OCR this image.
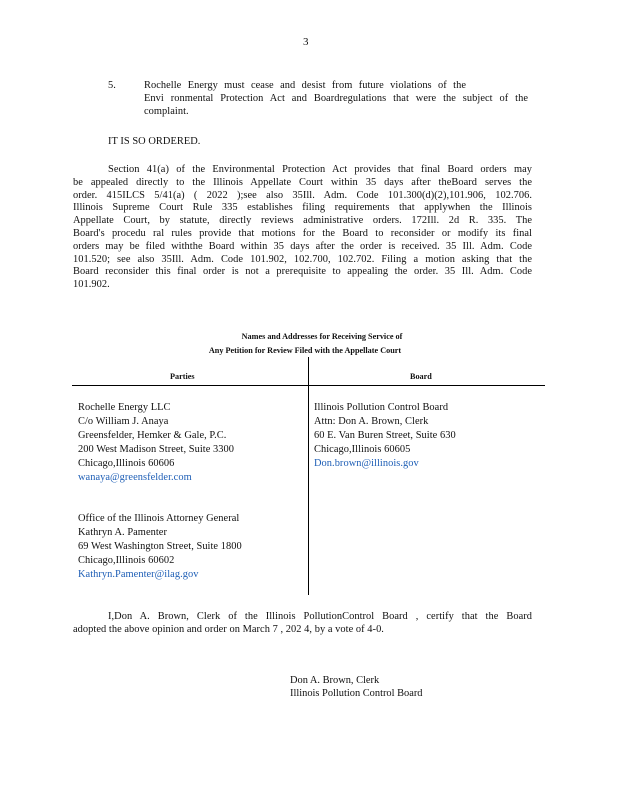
3
5.	Rochelle Energy must cease and desist from future violations of the
Envi ronmental Protection Act and Boardregulations that were the subject of the
complaint.
IT IS SO ORDERED.
Section 41(a) of the Environmental Protection Act provides that final Board orders may
be appealed directly to the Illinois Appellate Court within 35 days after theBoard serves the
order. 415ILCS 5/41(a) ( 2022 );see also 35Ill. Adm. Code 101.300(d)(2),101.906, 102.706.
Illinois Supreme Court Rule 335 establishes filing requirements that applywhen the Illinois
Appellate Court, by statute, directly reviews administrative orders. 172Ill. 2d R. 335. The
Board's procedu ral rules provide that motions for the Board to reconsider or modify its final
orders may be filed withthe Board within 35 days after the order is received. 35 Ill. Adm. Code
101.520; see also 35Ill. Adm. Code 101.902, 102.700, 102.702. Filing a motion asking that the
Board reconsider this final order is not a prerequisite to appealing the order. 35 Ill. Adm. Code
101.902.
Names and Addresses for Receiving Service of
Any Petition for Review Filed with the Appellate Court
Parties	Board
Rochelle Energy LLC
C/o William J. Anaya
Greensfelder, Hemker & Gale, P.C.
200 West Madison Street, Suite 3300
Chicago,Illinois 60606
wanaya@greensfelder.com
Office of the Illinois Attorney General
Kathryn A. Pamenter
69 West Washington Street, Suite 1800
Chicago,Illinois 60602
Kathryn.Pamenter@ilag.gov
Illinois Pollution Control Board
Attn: Don A. Brown, Clerk
60 E. Van Buren Street, Suite 630
Chicago,Illinois 60605
Don.brown@illinois.gov
I,Don A. Brown, Clerk of the Illinois PollutionControl Board , certify that the Board
adopted the above opinion and order on March 7 , 202 4, by a vote of 4-0.
Don A. Brown, Clerk
Illinois Pollution Control Board
